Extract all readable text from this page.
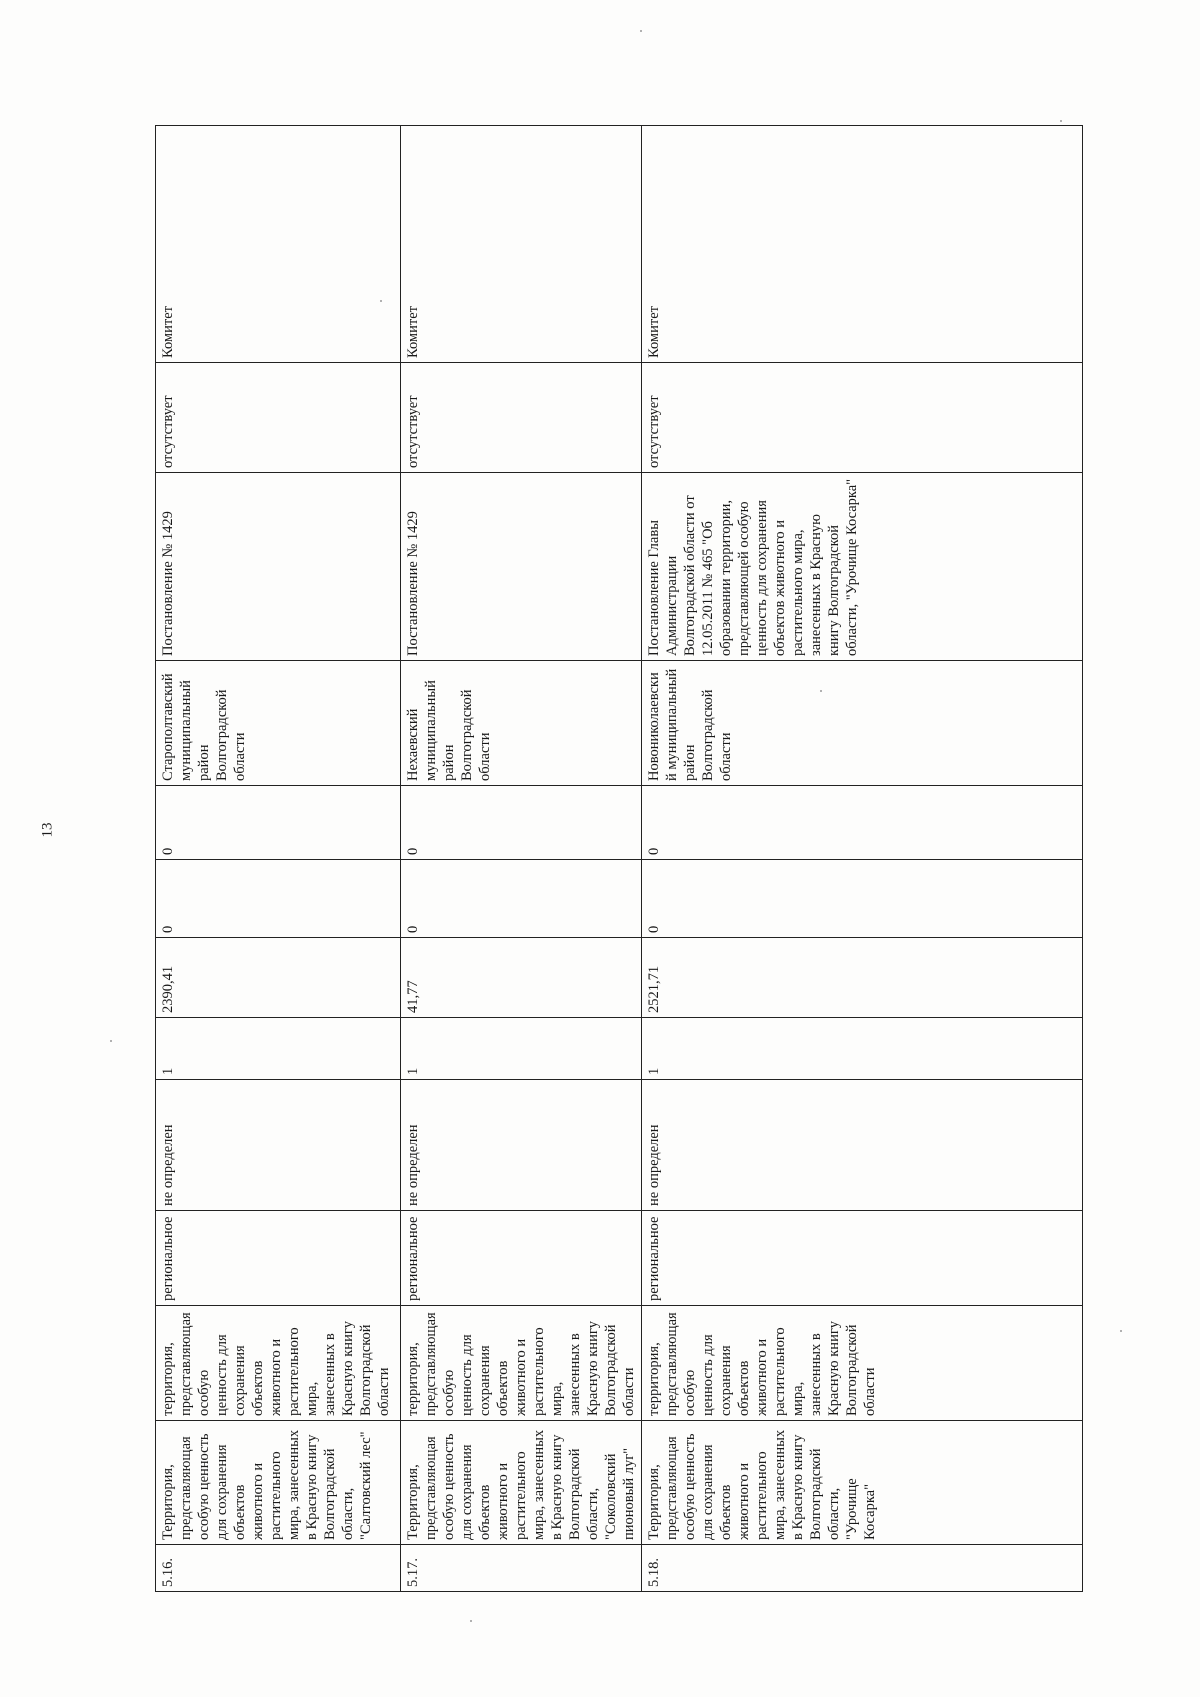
13
5.16.	Территория, представляющая особую ценность для сохранения объектов животного и растительного мира, занесенных в Красную книгу Волгоградской области, "Салтовский лес"	территория, представляющая особую ценность для сохранения объектов животного и растительного мира, занесенных в Красную книгу Волгоградской области	региональное	не определен	1	2390,41	0	0	Старополтавский муниципальный район Волгоградской области	Постановление № 1429	отсутствует	Комитет
5.17.	Территория, представляющая особую ценность для сохранения объектов животного и растительного мира, занесенных в Красную книгу Волгоградской области, "Соколовский пионовый луг"	территория, представляющая особую ценность для сохранения объектов животного и растительного мира, занесенных в Красную книгу Волгоградской области	региональное	не определен	1	41,77	0	0	Нехаевский муниципальный район Волгоградской области	Постановление № 1429	отсутствует	Комитет
5.18.	Территория, представляющая особую ценность для сохранения объектов животного и растительного мира, занесенных в Красную книгу Волгоградской области, "Урочище Косарка"	территория, представляющая особую ценность для сохранения объектов животного и растительного мира, занесенных в Красную книгу Волгоградской области	региональное	не определен	1	2521,71	0	0	Новониколаевский муниципальный район Волгоградской области	Постановление Главы Администрации Волгоградской области от 12.05.2011 № 465 "Об образовании территории, представляющей особую ценность для сохранения объектов животного и растительного мира, занесенных в Красную книгу Волгоградской области, "Урочище Косарка"	отсутствует	Комитет
